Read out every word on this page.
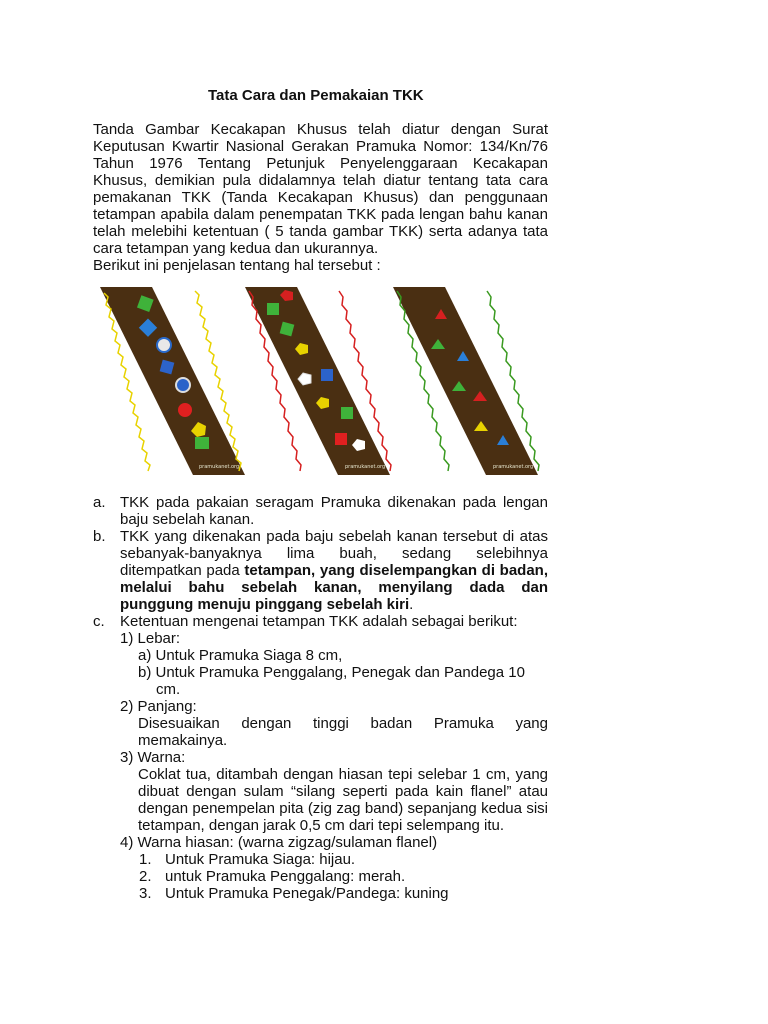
Tata Cara dan Pemakaian TKK

Tanda Gambar Kecakapan Khusus telah diatur dengan Surat Keputusan Kwartir Nasional Gerakan Pramuka Nomor: 134/Kn/76 Tahun 1976 Tentang Petunjuk Penyelenggaraan Kecakapan Khusus, demikian pula didalamnya telah diatur tentang tata cara pemakanan TKK (Tanda Kecakapan Khusus) dan penggunaan tetampan apabila dalam penempatan TKK pada lengan bahu kanan telah melebihi ketentuan ( 5 tanda gambar TKK) serta adanya tata cara tetampan yang kedua dan ukurannya.

Berikut ini penjelasan tentang hal tersebut :

pramukanet.org	pramukanet.org	pramukanet.org
a. TKK pada pakaian seragam Pramuka dikenakan pada lengan baju sebelah kanan.
b. TKK yang dikenakan pada baju sebelah kanan tersebut di atas sebanyak-banyaknya lima buah, sedang selebihnya ditempatkan pada tetampan, yang diselempangkan di badan, melalui bahu sebelah kanan, menyilang dada dan punggung menuju pinggang sebelah kiri.
c. Ketentuan mengenai tetampan TKK adalah sebagai berikut:
1) Lebar:
a) Untuk Pramuka Siaga 8 cm,
b) Untuk Pramuka Penggalang, Penegak dan Pandega 10
cm.
2) Panjang:
Disesuaikan dengan tinggi badan Pramuka yang memakainya.
3) Warna:
Coklat tua, ditambah dengan hiasan tepi selebar 1 cm, yang dibuat dengan sulam “silang seperti pada kain flanel” atau dengan penempelan pita (zig zag band) sepanjang kedua sisi tetampan, dengan jarak 0,5 cm dari tepi selempang itu.
4) Warna hiasan: (warna zigzag/sulaman flanel)
1. Untuk Pramuka Siaga: hijau.
2. untuk Pramuka Penggalang: merah.
3. Untuk Pramuka Penegak/Pandega: kuning
